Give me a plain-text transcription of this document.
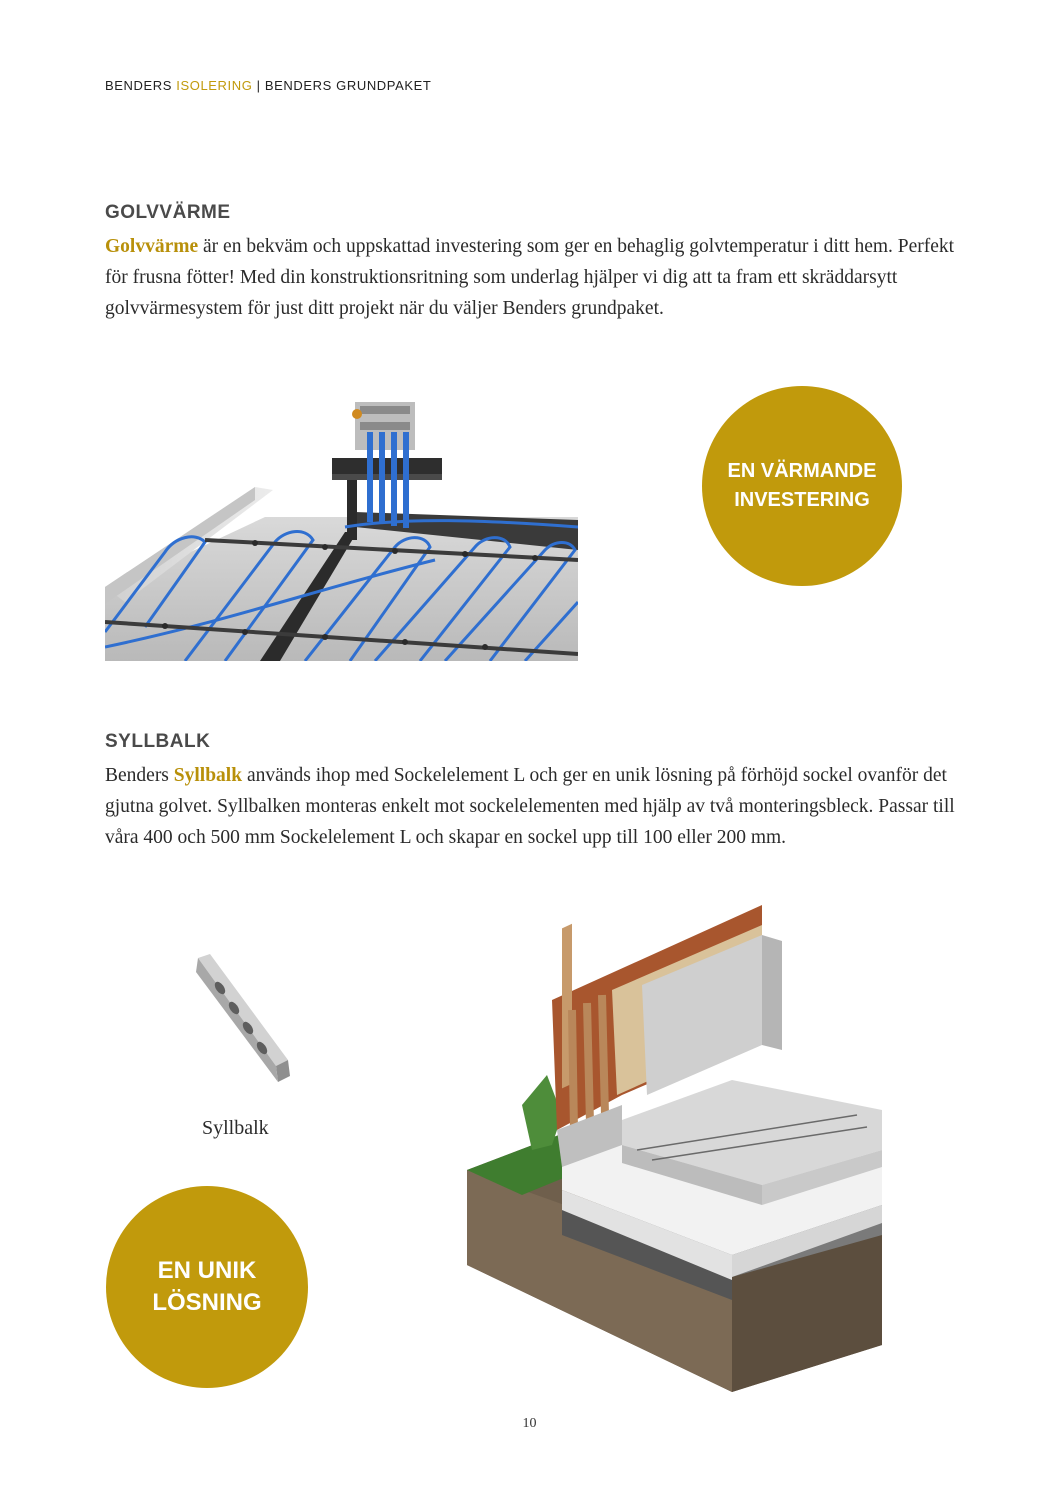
BENDERS ISOLERING | BENDERS GRUNDPAKET
GOLVVÄRME
Golvvärme är en bekväm och uppskattad investering som ger en behaglig golvtemperatur i ditt hem. Perfekt för frusna fötter! Med din konstruktionsritning som underlag hjälper vi dig att ta fram ett skräddarsytt golvvärmesystem för just ditt projekt när du väljer Benders grundpaket.
EN VÄRMANDE
INVESTERING
SYLLBALK
Benders Syllbalk används ihop med Sockelelement L och ger en unik lösning på förhöjd sockel ovanför det gjutna golvet. Syllbalken monteras enkelt mot sockelelementen med hjälp av två monteringsbleck. Passar till våra 400 och 500 mm Sockelelement L och skapar en sockel upp till 100 eller 200 mm.
Syllbalk
EN UNIK
LÖSNING
10
